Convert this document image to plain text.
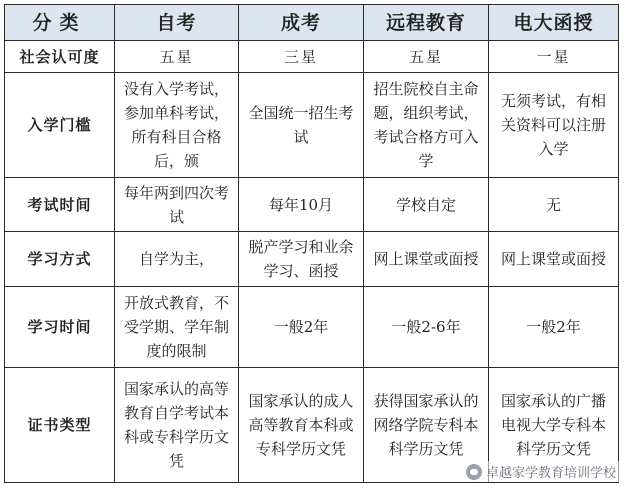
分类	自考	成考	远程教育	电大函授
社会认可度	五星	三星	五星	一星
入学门槛	没有入学考试，参加单科考试，所有科目合格后，颁	全国统一招生考试	招生院校自主命题，组织考试，考试合格方可入学	无须考试，有相关资料可以注册入学
考试时间	每年两到四次考试	每年10月	学校自定	无
学习方式	自学为主，	脱产学习和业余学习、函授	网上课堂或面授	网上课堂或面授
学习时间	开放式教育，不受学期、学年制度的限制	一般2年	一般2-6年	一般2年
证书类型	国家承认的高等教育自学考试本科或专科学历文凭	国家承认的成人高等教育本科或专科学历文凭	获得国家承认的网络学院专科本科学历文凭	国家承认的广播电视大学专科本科学历文凭
卓越家学教育培训学校
